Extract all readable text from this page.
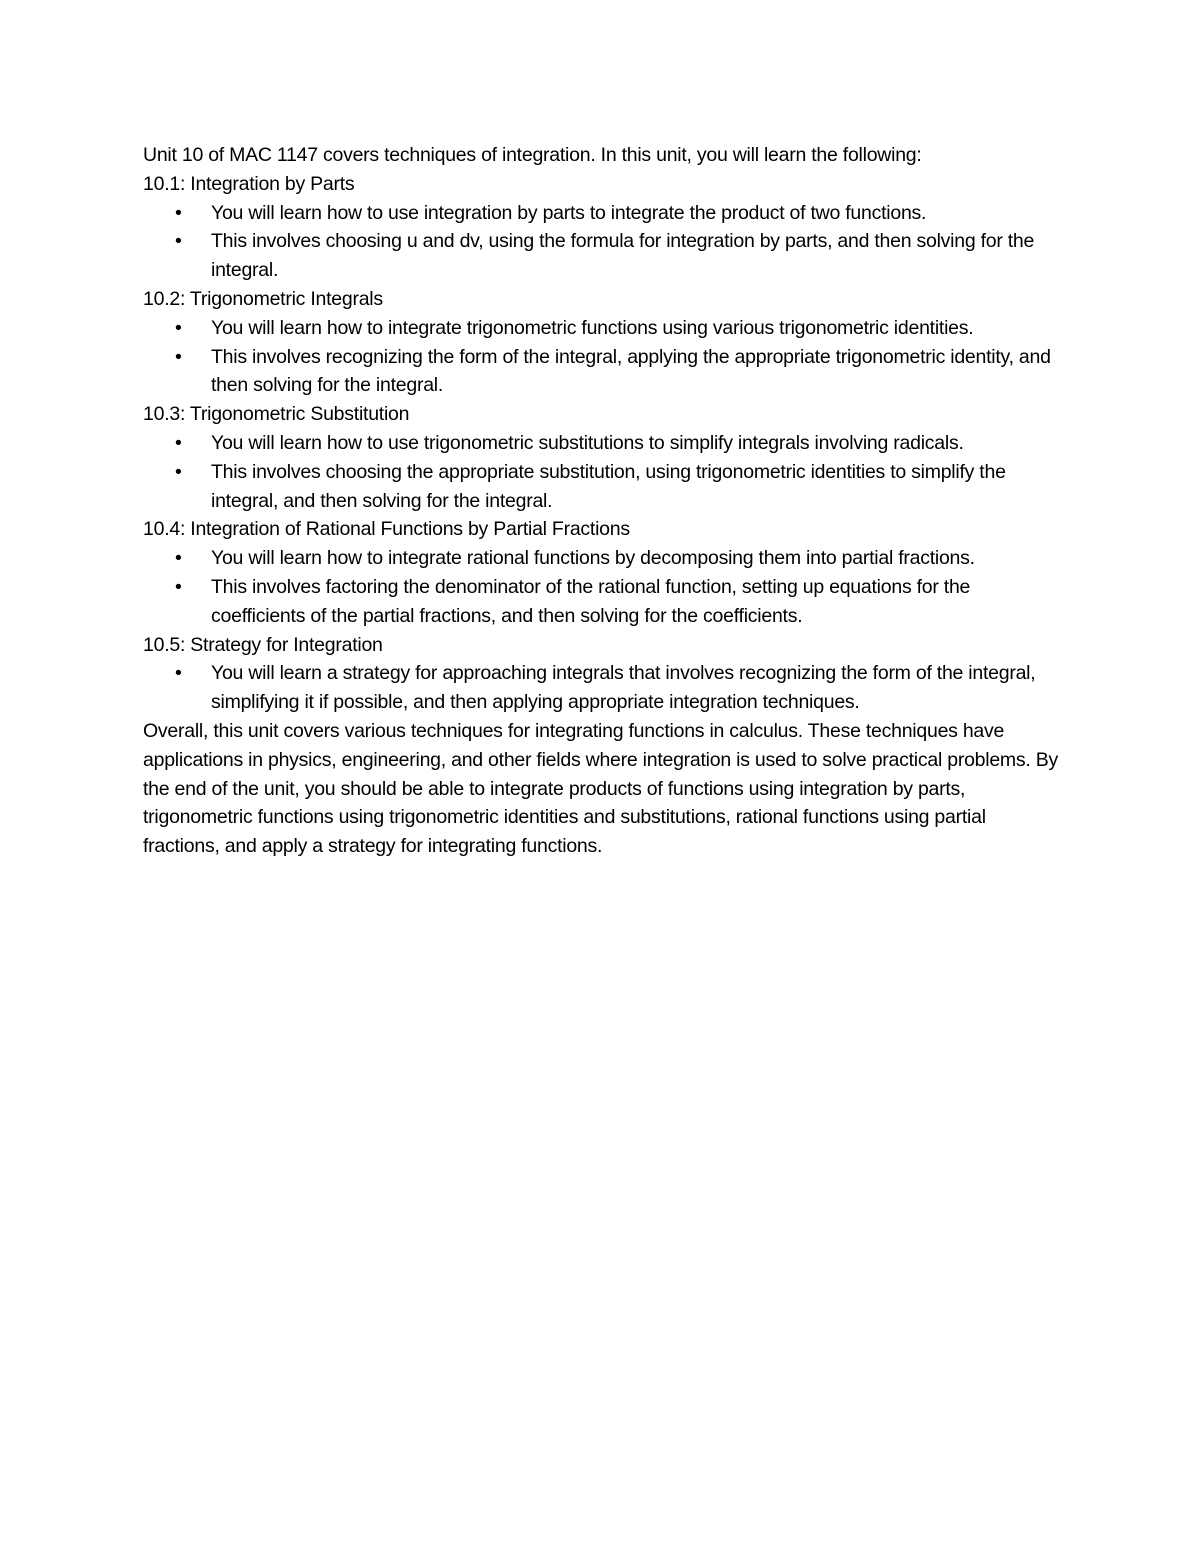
Unit 10 of MAC 1147 covers techniques of integration. In this unit, you will learn the following:

10.1: Integration by Parts

• You will learn how to use integration by parts to integrate the product of two functions.
• This involves choosing u and dv, using the formula for integration by parts, and then solving for the integral.

10.2: Trigonometric Integrals

• You will learn how to integrate trigonometric functions using various trigonometric identities.
• This involves recognizing the form of the integral, applying the appropriate trigonometric identity, and then solving for the integral.

10.3: Trigonometric Substitution

• You will learn how to use trigonometric substitutions to simplify integrals involving radicals.
• This involves choosing the appropriate substitution, using trigonometric identities to simplify the integral, and then solving for the integral.

10.4: Integration of Rational Functions by Partial Fractions

• You will learn how to integrate rational functions by decomposing them into partial fractions.
• This involves factoring the denominator of the rational function, setting up equations for the coefficients of the partial fractions, and then solving for the coefficients.

10.5: Strategy for Integration

• You will learn a strategy for approaching integrals that involves recognizing the form of the integral, simplifying it if possible, and then applying appropriate integration techniques.

Overall, this unit covers various techniques for integrating functions in calculus. These techniques have applications in physics, engineering, and other fields where integration is used to solve practical problems. By the end of the unit, you should be able to integrate products of functions using integration by parts, trigonometric functions using trigonometric identities and substitutions, rational functions using partial fractions, and apply a strategy for integrating functions.
